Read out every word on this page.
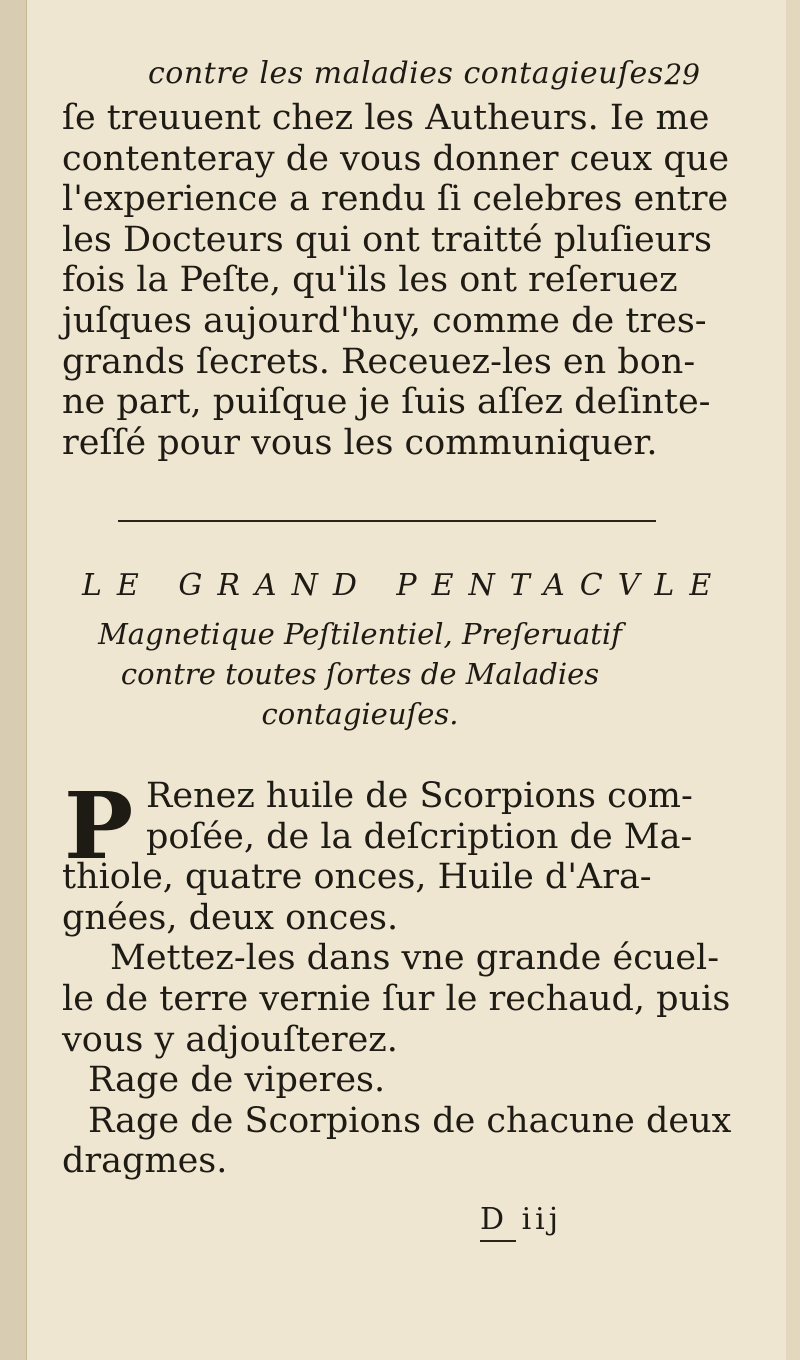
contre les maladies contagieuſes.
29
ſe treuuent chez les Autheurs. Ie me
contenteray de vous donner ceux que
l'experience a rendu ſi celebres entre
les Docteurs qui ont traitté pluſieurs
fois la Peſte, qu'ils les ont reſeruez
juſques aujourd'huy, comme de tres-
grands ſecrets. Receuez-les en bon-
ne part, puiſque je ſuis aſſez deſinte-
reſſé pour vous les communiquer.
LE GRAND PENTACVLE
Magnetique Peſtilentiel, Preſeruatif
contre toutes ſortes de Maladies
contagieuſes.
P Renez huile de Scorpions com-
poſée, de la deſcription de Ma-
thiole, quatre onces, Huile d'Ara-
gnées, deux onces.
Mettez-les dans vne grande écuel-
le de terre vernie ſur le rechaud, puis
vous y adjouſterez.
Rage de viperes.
Rage de Scorpions de chacune deux
dragmes.
D iij
